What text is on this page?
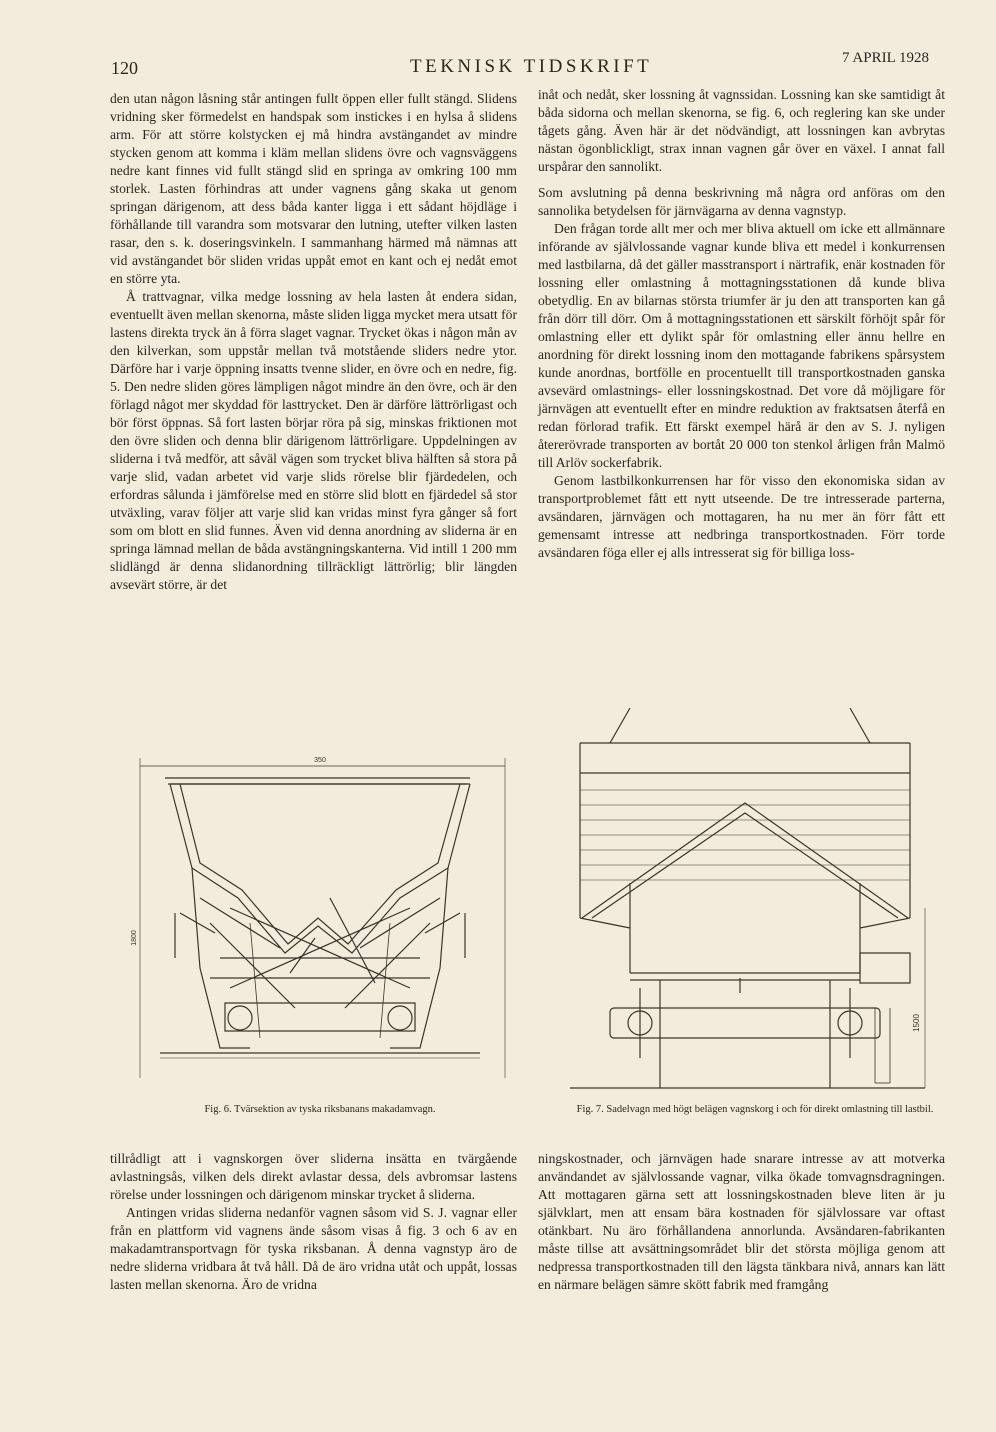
120	TEKNISK TIDSKRIFT	7 APRIL 1928

den utan någon låsning står antingen fullt öppen eller fullt stängd. Slidens vridning sker förmedelst en handspak som instickes i en hylsa å slidens arm. För att större kolstycken ej må hindra avstängandet av mindre stycken genom att komma i kläm mellan slidens övre och vagnsväggens nedre kant finnes vid fullt stängd slid en springa av omkring 100 mm storlek. Lasten förhindras att under vagnens gång skaka ut genom springan därigenom, att dess båda kanter ligga i ett sådant höjdläge i förhållande till varandra som motsvarar den lutning, utefter vilken lasten rasar, den s. k. doseringsvinkeln. I sammanhang härmed må nämnas att vid avstängandet bör sliden vridas uppåt emot en kant och ej nedåt emot en större yta.

Å trattvagnar, vilka medge lossning av hela lasten åt endera sidan, eventuellt även mellan skenorna, måste sliden ligga mycket mera utsatt för lastens direkta tryck än å förra slaget vagnar. Trycket ökas i någon mån av den kilverkan, som uppstår mellan två motstående sliders nedre ytor. Därföre har i varje öppning insatts tvenne slider, en övre och en nedre, fig. 5. Den nedre sliden göres lämpligen något mindre än den övre, och är den förlagd något mer skyddad för lasttrycket. Den är därföre lättrörligast och bör först öppnas. Så fort lasten börjar röra på sig, minskas friktionen mot den övre sliden och denna blir därigenom lättrörligare. Uppdelningen av sliderna i två medför, att såväl vägen som trycket bliva hälften så stora på varje slid, vadan arbetet vid varje slids rörelse blir fjärdedelen, och erfordras sålunda i jämförelse med en större slid blott en fjärdedel så stor utväxling, varav följer att varje slid kan vridas minst fyra gånger så fort som om blott en slid funnes. Även vid denna anordning av sliderna är en springa lämnad mellan de båda avstängningskanterna. Vid intill 1 200 mm slidlängd är denna slidanordning tillräckligt lättrörlig; blir längden avsevärt större, är det

inåt och nedåt, sker lossning åt vagnssidan. Lossning kan ske samtidigt åt båda sidorna och mellan skenorna, se fig. 6, och reglering kan ske under tågets gång. Även här är det nödvändigt, att lossningen kan avbrytas nästan ögonblickligt, strax innan vagnen går över en växel. I annat fall urspårar den sannolikt.

Som avslutning på denna beskrivning må några ord anföras om den sannolika betydelsen för järnvägarna av denna vagnstyp.

Den frågan torde allt mer och mer bliva aktuell om icke ett allmännare införande av självlossande vagnar kunde bliva ett medel i konkurrensen med lastbilarna, då det gäller masstransport i närtrafik, enär kostnaden för lossning eller omlastning å mottagningsstationen då kunde bliva obetydlig. En av bilarnas största triumfer är ju den att transporten kan gå från dörr till dörr. Om å mottagningsstationen ett särskilt förhöjt spår för omlastning eller ett dylikt spår för omlastning eller ännu hellre en anordning för direkt lossning inom den mottagande fabrikens spårsystem kunde anordnas, bortfölle en procentuellt till transportkostnaden ganska avsevärd omlastnings- eller lossningskostnad. Det vore då möjligare för järnvägen att eventuellt efter en mindre reduktion av fraktsatsen återfå en redan förlorad trafik. Ett färskt exempel härå är den av S. J. nyligen återerövrade transporten av bortåt 20 000 ton stenkol årligen från Malmö till Arlöv sockerfabrik.

Genom lastbilkonkurrensen har för visso den ekonomiska sidan av transportproblemet fått ett nytt utseende. De tre intresserade parterna, avsändaren, järnvägen och mottagaren, ha nu mer än förr fått ett gemensamt intresse att nedbringa transportkostnaden. Förr torde avsändaren föga eller ej alls intresserat sig för billiga loss-

350
1800
Fig. 6. Tvärsektion av tyska riksbanans makadamvagn.
1500
Fig. 7. Sadelvagn med högt belägen vagnskorg i och för direkt omlastning till lastbil.

tillrådligt att i vagnskorgen över sliderna insätta en tvärgående avlastningsås, vilken dels direkt avlastar dessa, dels avbromsar lastens rörelse under lossningen och därigenom minskar trycket å sliderna.

Antingen vridas sliderna nedanför vagnen såsom vid S. J. vagnar eller från en plattform vid vagnens ände såsom visas å fig. 3 och 6 av en makadamtransportvagn för tyska riksbanan. Å denna vagnstyp äro de nedre sliderna vridbara åt två håll. Då de äro vridna utåt och uppåt, lossas lasten mellan skenorna. Äro de vridna

ningskostnader, och järnvägen hade snarare intresse av att motverka användandet av självlossande vagnar, vilka ökade tomvagnsdragningen. Att mottagaren gärna sett att lossningskostnaden bleve liten är ju självklart, men att ensam bära kostnaden för självlossare var oftast otänkbart. Nu äro förhållandena annorlunda. Avsändaren-fabrikanten måste tillse att avsättningsområdet blir det största möjliga genom att nedpressa transportkostnaden till den lägsta tänkbara nivå, annars kan lätt en närmare belägen sämre skött fabrik med framgång
